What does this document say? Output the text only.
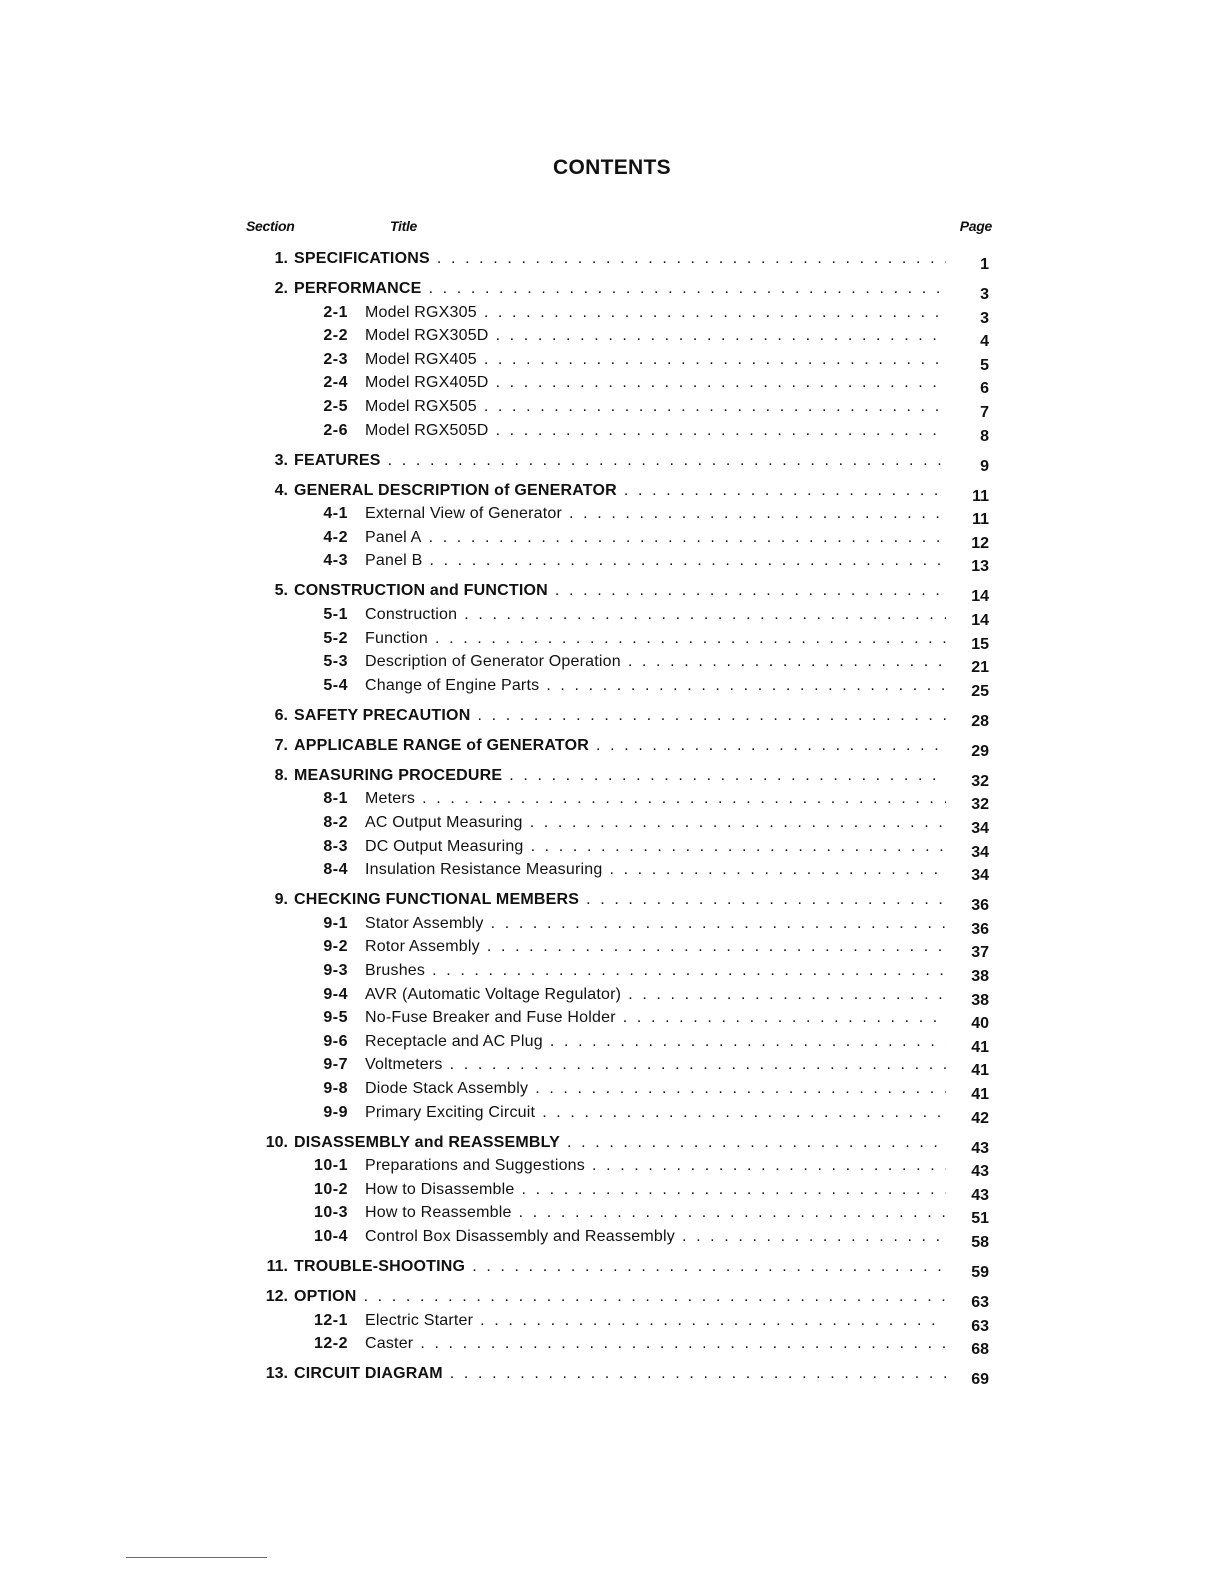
CONTENTS
Section	Title	Page
1. SPECIFICATIONS . . .	1
2. PERFORMANCE . . .	3
2-1 Model RGX305 . . .	3
2-2 Model RGX305D . . .	4
2-3 Model RGX405 . . .	5
2-4 Model RGX405D . . .	6
2-5 Model RGX505 . . .	7
2-6 Model RGX505D . . .	8
3. FEATURES . . .	9
4. GENERAL DESCRIPTION of GENERATOR . . .	11
4-1 External View of Generator . . .	11
4-2 Panel A . . .	12
4-3 Panel B . . .	13
5. CONSTRUCTION and FUNCTION . . .	14
5-1 Construction . . .	14
5-2 Function . . .	15
5-3 Description of Generator Operation . . .	21
5-4 Change of Engine Parts . . .	25
6. SAFETY PRECAUTION . . .	28
7. APPLICABLE RANGE of GENERATOR . . .	29
8. MEASURING PROCEDURE . . .	32
8-1 Meters . . .	32
8-2 AC Output Measuring . . .	34
8-3 DC Output Measuring . . .	34
8-4 Insulation Resistance Measuring . . .	34
9. CHECKING FUNCTIONAL MEMBERS . . .	36
9-1 Stator Assembly . . .	36
9-2 Rotor Assembly . . .	37
9-3 Brushes . . .	38
9-4 AVR (Automatic Voltage Regulator) . . .	38
9-5 No-Fuse Breaker and Fuse Holder . . .	40
9-6 Receptacle and AC Plug . . .	41
9-7 Voltmeters . . .	41
9-8 Diode Stack Assembly . . .	41
9-9 Primary Exciting Circuit . . .	42
10. DISASSEMBLY and REASSEMBLY . . .	43
10-1 Preparations and Suggestions . . .	43
10-2 How to Disassemble . . .	43
10-3 How to Reassemble . . .	51
10-4 Control Box Disassembly and Reassembly . . .	58
11. TROUBLE-SHOOTING . . .	59
12. OPTION . . .	63
12-1 Electric Starter . . .	63
12-2 Caster . . .	68
13. CIRCUIT DIAGRAM . . .	69
